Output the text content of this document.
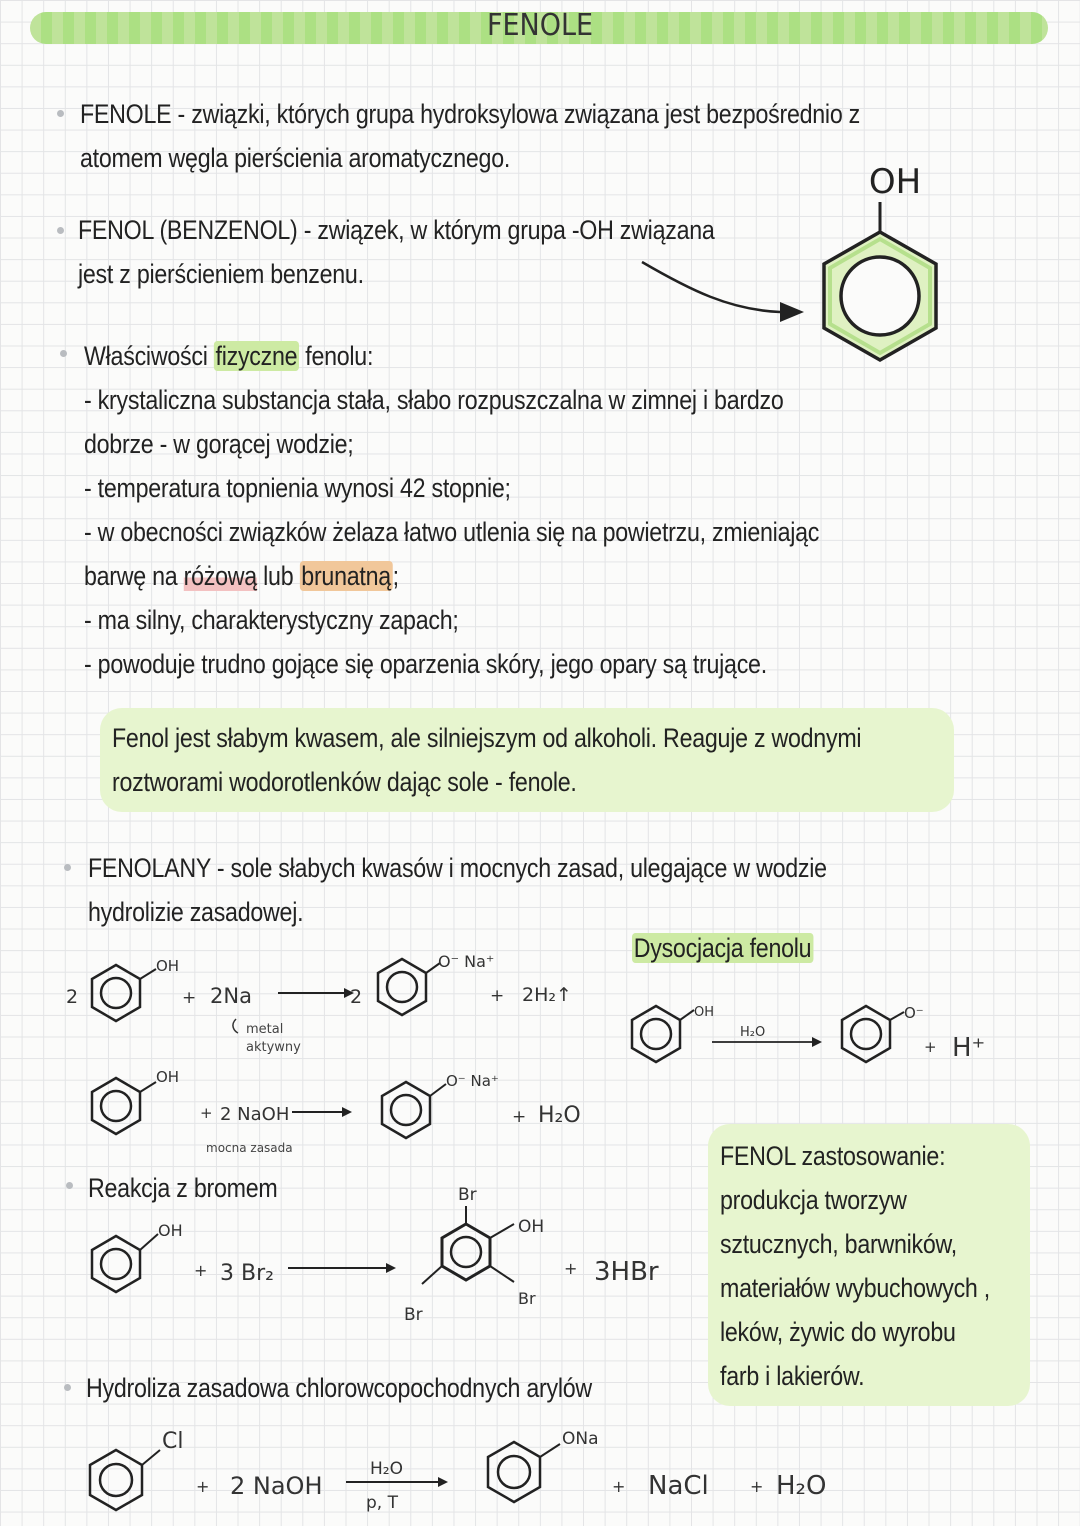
FENOLE
FENOLE - związki, których grupa hydroksylowa związana jest bezpośrednio z
atomem węgla pierścienia aromatycznego.
FENOL (BENZENOL) - związek, w którym grupa -OH związana
jest z pierścieniem benzenu.
OH
Właściwości fizyczne fenolu:
- krystaliczna substancja stała, słabo rozpuszczalna w zimnej i bardzo
dobrze - w gorącej wodzie;
- temperatura topnienia wynosi 42 stopnie;
- w obecności związków żelaza łatwo utlenia się na powietrzu, zmieniając
barwę na różową lub brunatną;
- ma silny, charakterystyczny zapach;
- powoduje trudno gojące się oparzenia skóry, jego opary są trujące.
Fenol jest słabym kwasem, ale silniejszym od alkoholi. Reaguje z wodnymi
roztworami wodorotlenków dając sole - fenole.
FENOLANY - sole słabych kwasów i mocnych zasad, ulegające w wodzie
hydrolizie zasadowej.
2
OH
+ 2Na
metal
aktywny
2
O⁻ Na⁺
+ 2H₂↑
OH
+ 2 NaOH
mocna zasada
O⁻ Na⁺
+ H₂O
Dysocjacja fenolu
OH
H₂O
O⁻
+ H⁺
Reakcja z bromem
OH
+ 3 Br₂
Br
OH
Br
Br
+ 3HBr
FENOL zastosowanie:
produkcja tworzyw
sztucznych, barwników,
materiałów wybuchowych ,
leków, żywic do wyrobu
farb i lakierów.
Hydroliza zasadowa chlorowcopochodnych arylów
Cl
+ 2 NaOH
H₂O
p, T
ONa
+ NaCl	+ H₂O
